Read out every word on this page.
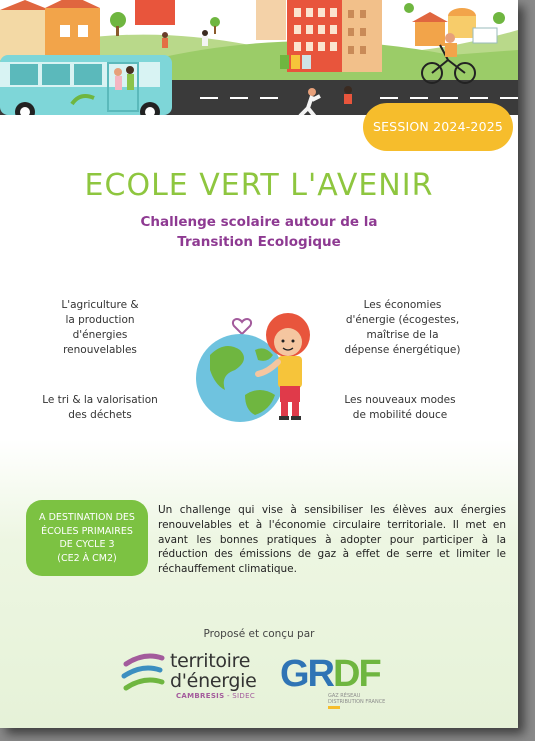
SESSION 2024-2025
ECOLE VERT L'AVENIR
Challenge scolaire autour de la
Transition Ecologique
L'agriculture &
la production
d'énergies
renouvelables
Les économies
d'énergie (écogestes,
maîtrise de la
dépense énergétique)
Le tri & la valorisation
des déchets
Les nouveaux modes
de mobilité douce
A DESTINATION DES
ÉCOLES PRIMAIRES
DE CYCLE 3
(CE2 À CM2)
Un challenge qui vise à sensibiliser les élèves aux énergies renouvelables et à l'économie circulaire territoriale. Il met en avant les bonnes pratiques à adopter pour participer à la réduction des émissions de gaz à effet de serre et limiter le réchauffement climatique.
Proposé et conçu par
territoire
d'énergie
CAMBRESIS - SIDEC
GRDF
GAZ RÉSEAU
DISTRIBUTION FRANCE
